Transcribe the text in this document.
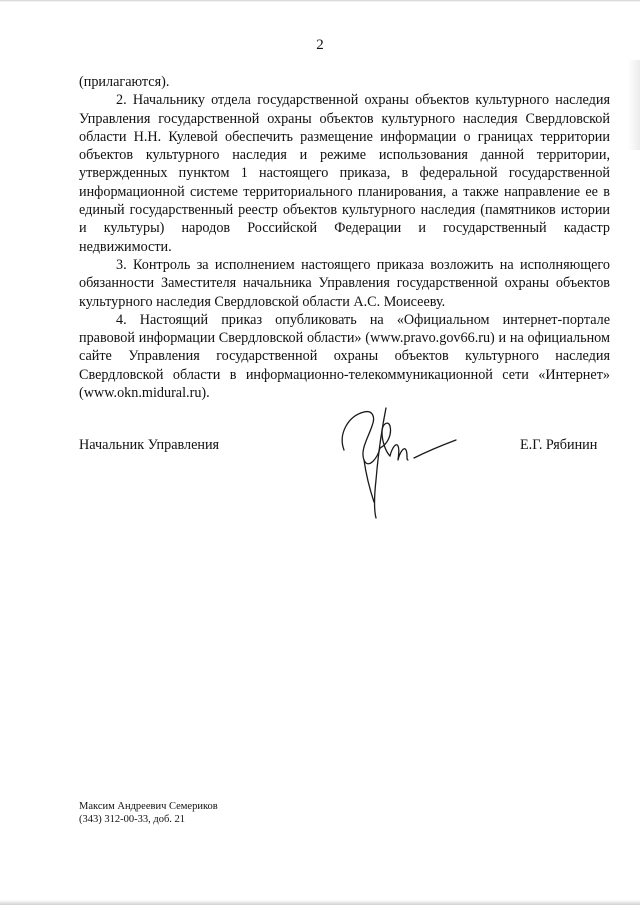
2

(прилагаются).

2. Начальнику отдела государственной охраны объектов культурного наследия Управления государственной охраны объектов культурного наследия Свердловской области Н.Н. Кулевой обеспечить размещение информации о границах территории объектов культурного наследия и режиме использования данной территории, утвержденных пунктом 1 настоящего приказа, в федеральной государственной информационной системе территориального планирования, а также направление ее в единый государственный реестр объектов культурного наследия (памятников истории и культуры) народов Российской Федерации и государственный кадастр недвижимости.

3. Контроль за исполнением настоящего приказа возложить на исполняющего обязанности Заместителя начальника Управления государственной охраны объектов культурного наследия Свердловской области А.С. Моисееву.

4. Настоящий приказ опубликовать на «Официальном интернет-портале правовой информации Свердловской области» (www.pravo.gov66.ru) и на официальном сайте Управления государственной охраны объектов культурного наследия Свердловской области в информационно-телекоммуникационной сети «Интернет» (www.okn.midural.ru).

Начальник Управления	Е.Г. Рябинин
Максим Андреевич Семериков
(343) 312-00-33, доб. 21
